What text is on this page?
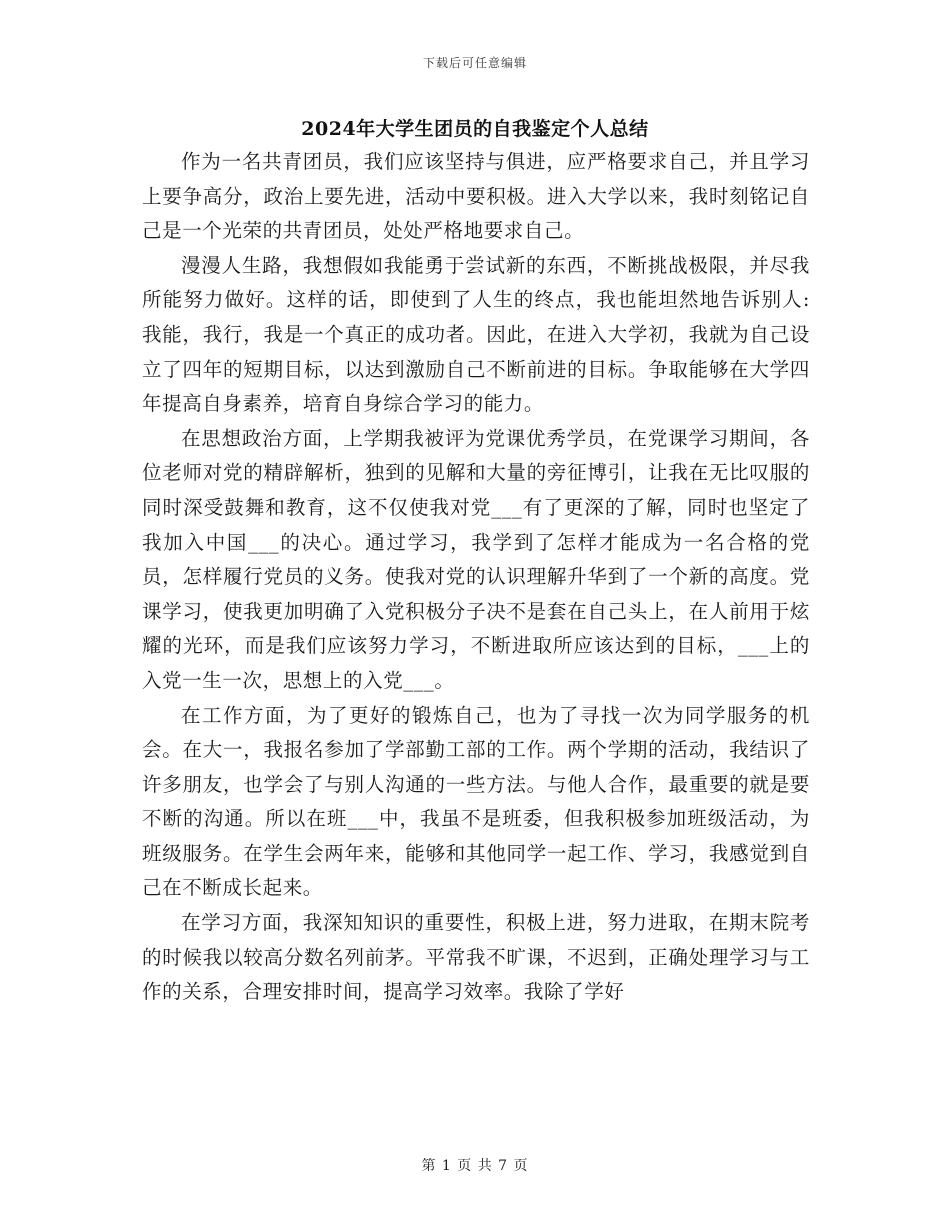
下载后可任意编辑
2024年大学生团员的自我鉴定个人总结

作为一名共青团员，我们应该坚持与俱进，应严格要求自己，并且学习上要争高分，政治上要先进，活动中要积极。进入大学以来，我时刻铭记自己是一个光荣的共青团员，处处严格地要求自己。

漫漫人生路，我想假如我能勇于尝试新的东西，不断挑战极限，并尽我所能努力做好。这样的话，即使到了人生的终点，我也能坦然地告诉别人:我能，我行，我是一个真正的成功者。因此，在进入大学初，我就为自己设立了四年的短期目标，以达到激励自己不断前进的目标。争取能够在大学四年提高自身素养，培育自身综合学习的能力。

在思想政治方面，上学期我被评为党课优秀学员，在党课学习期间，各位老师对党的精辟解析，独到的见解和大量的旁征博引，让我在无比叹服的同时深受鼓舞和教育，这不仅使我对党___有了更深的了解，同时也坚定了我加入中国___的决心。通过学习，我学到了怎样才能成为一名合格的党员，怎样履行党员的义务。使我对党的认识理解升华到了一个新的高度。党课学习，使我更加明确了入党积极分子决不是套在自己头上，在人前用于炫耀的光环，而是我们应该努力学习，不断进取所应该达到的目标，___上的入党一生一次，思想上的入党___。

在工作方面，为了更好的锻炼自己，也为了寻找一次为同学服务的机会。在大一，我报名参加了学部勤工部的工作。两个学期的活动，我结识了许多朋友，也学会了与别人沟通的一些方法。与他人合作，最重要的就是要不断的沟通。所以在班___中，我虽不是班委，但我积极参加班级活动，为班级服务。在学生会两年来，能够和其他同学一起工作、学习，我感觉到自己在不断成长起来。

在学习方面，我深知知识的重要性，积极上进，努力进取，在期末院考的时候我以较高分数名列前茅。平常我不旷课，不迟到，正确处理学习与工作的关系，合理安排时间，提高学习效率。我除了学好

第 1 页 共 7 页
